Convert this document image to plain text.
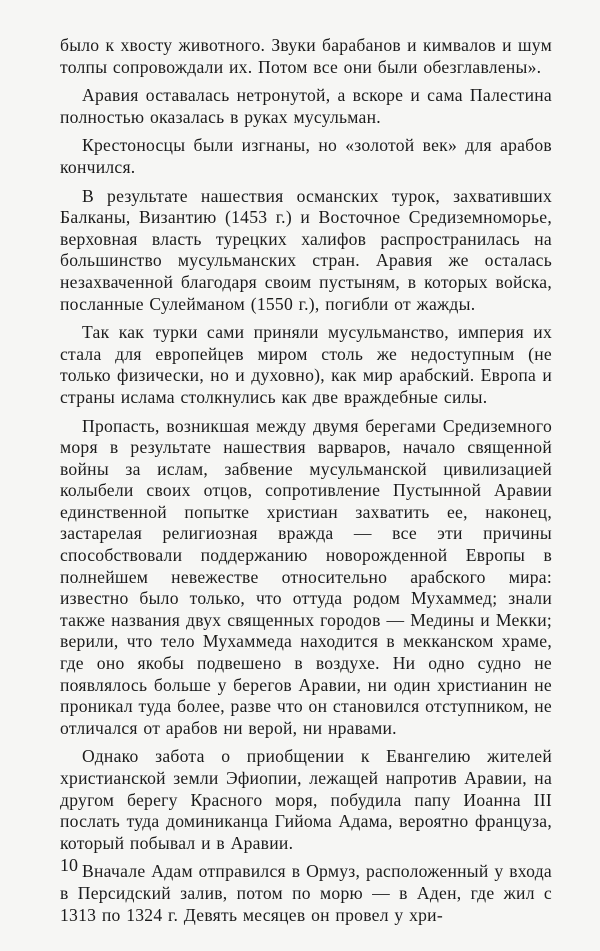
было к хвосту животного. Звуки барабанов и кимвалов и шум толпы сопровождали их. Потом все они были обезглавлены».

Аравия оставалась нетронутой, а вскоре и сама Палестина полностью оказалась в руках мусульман.

Крестоносцы были изгнаны, но «золотой век» для арабов кончился.

В результате нашествия османских турок, захвативших Балканы, Византию (1453 г.) и Восточное Средиземноморье, верховная власть турецких халифов распространилась на большинство мусульманских стран. Аравия же осталась незахваченной благодаря своим пустыням, в которых войска, посланные Сулейманом (1550 г.), погибли от жажды.

Так как турки сами приняли мусульманство, империя их стала для европейцев миром столь же недоступным (не только физически, но и духовно), как мир арабский. Европа и страны ислама столкнулись как две враждебные силы.

Пропасть, возникшая между двумя берегами Средиземного моря в результате нашествия варваров, начало священной войны за ислам, забвение мусульманской цивилизацией колыбели своих отцов, сопротивление Пустынной Аравии единственной попытке христиан захватить ее, наконец, застарелая религиозная вражда — все эти причины способствовали поддержанию новорожденной Европы в полнейшем невежестве относительно арабского мира: известно было только, что оттуда родом Мухаммед; знали также названия двух священных городов — Медины и Мекки; верили, что тело Мухаммеда находится в мекканском храме, где оно якобы подвешено в воздухе. Ни одно судно не появлялось больше у берегов Аравии, ни один христианин не проникал туда более, разве что он становился отступником, не отличался от арабов ни верой, ни нравами.

Однако забота о приобщении к Евангелию жителей христианской земли Эфиопии, лежащей напротив Аравии, на другом берегу Красного моря, побудила папу Иоанна III послать туда доминиканца Гийома Адама, вероятно француза, который побывал и в Аравии.

Вначале Адам отправился в Ормуз, расположенный у входа в Персидский залив, потом по морю — в Аден, где жил с 1313 по 1324 г. Девять месяцев он провел у хри-

10
